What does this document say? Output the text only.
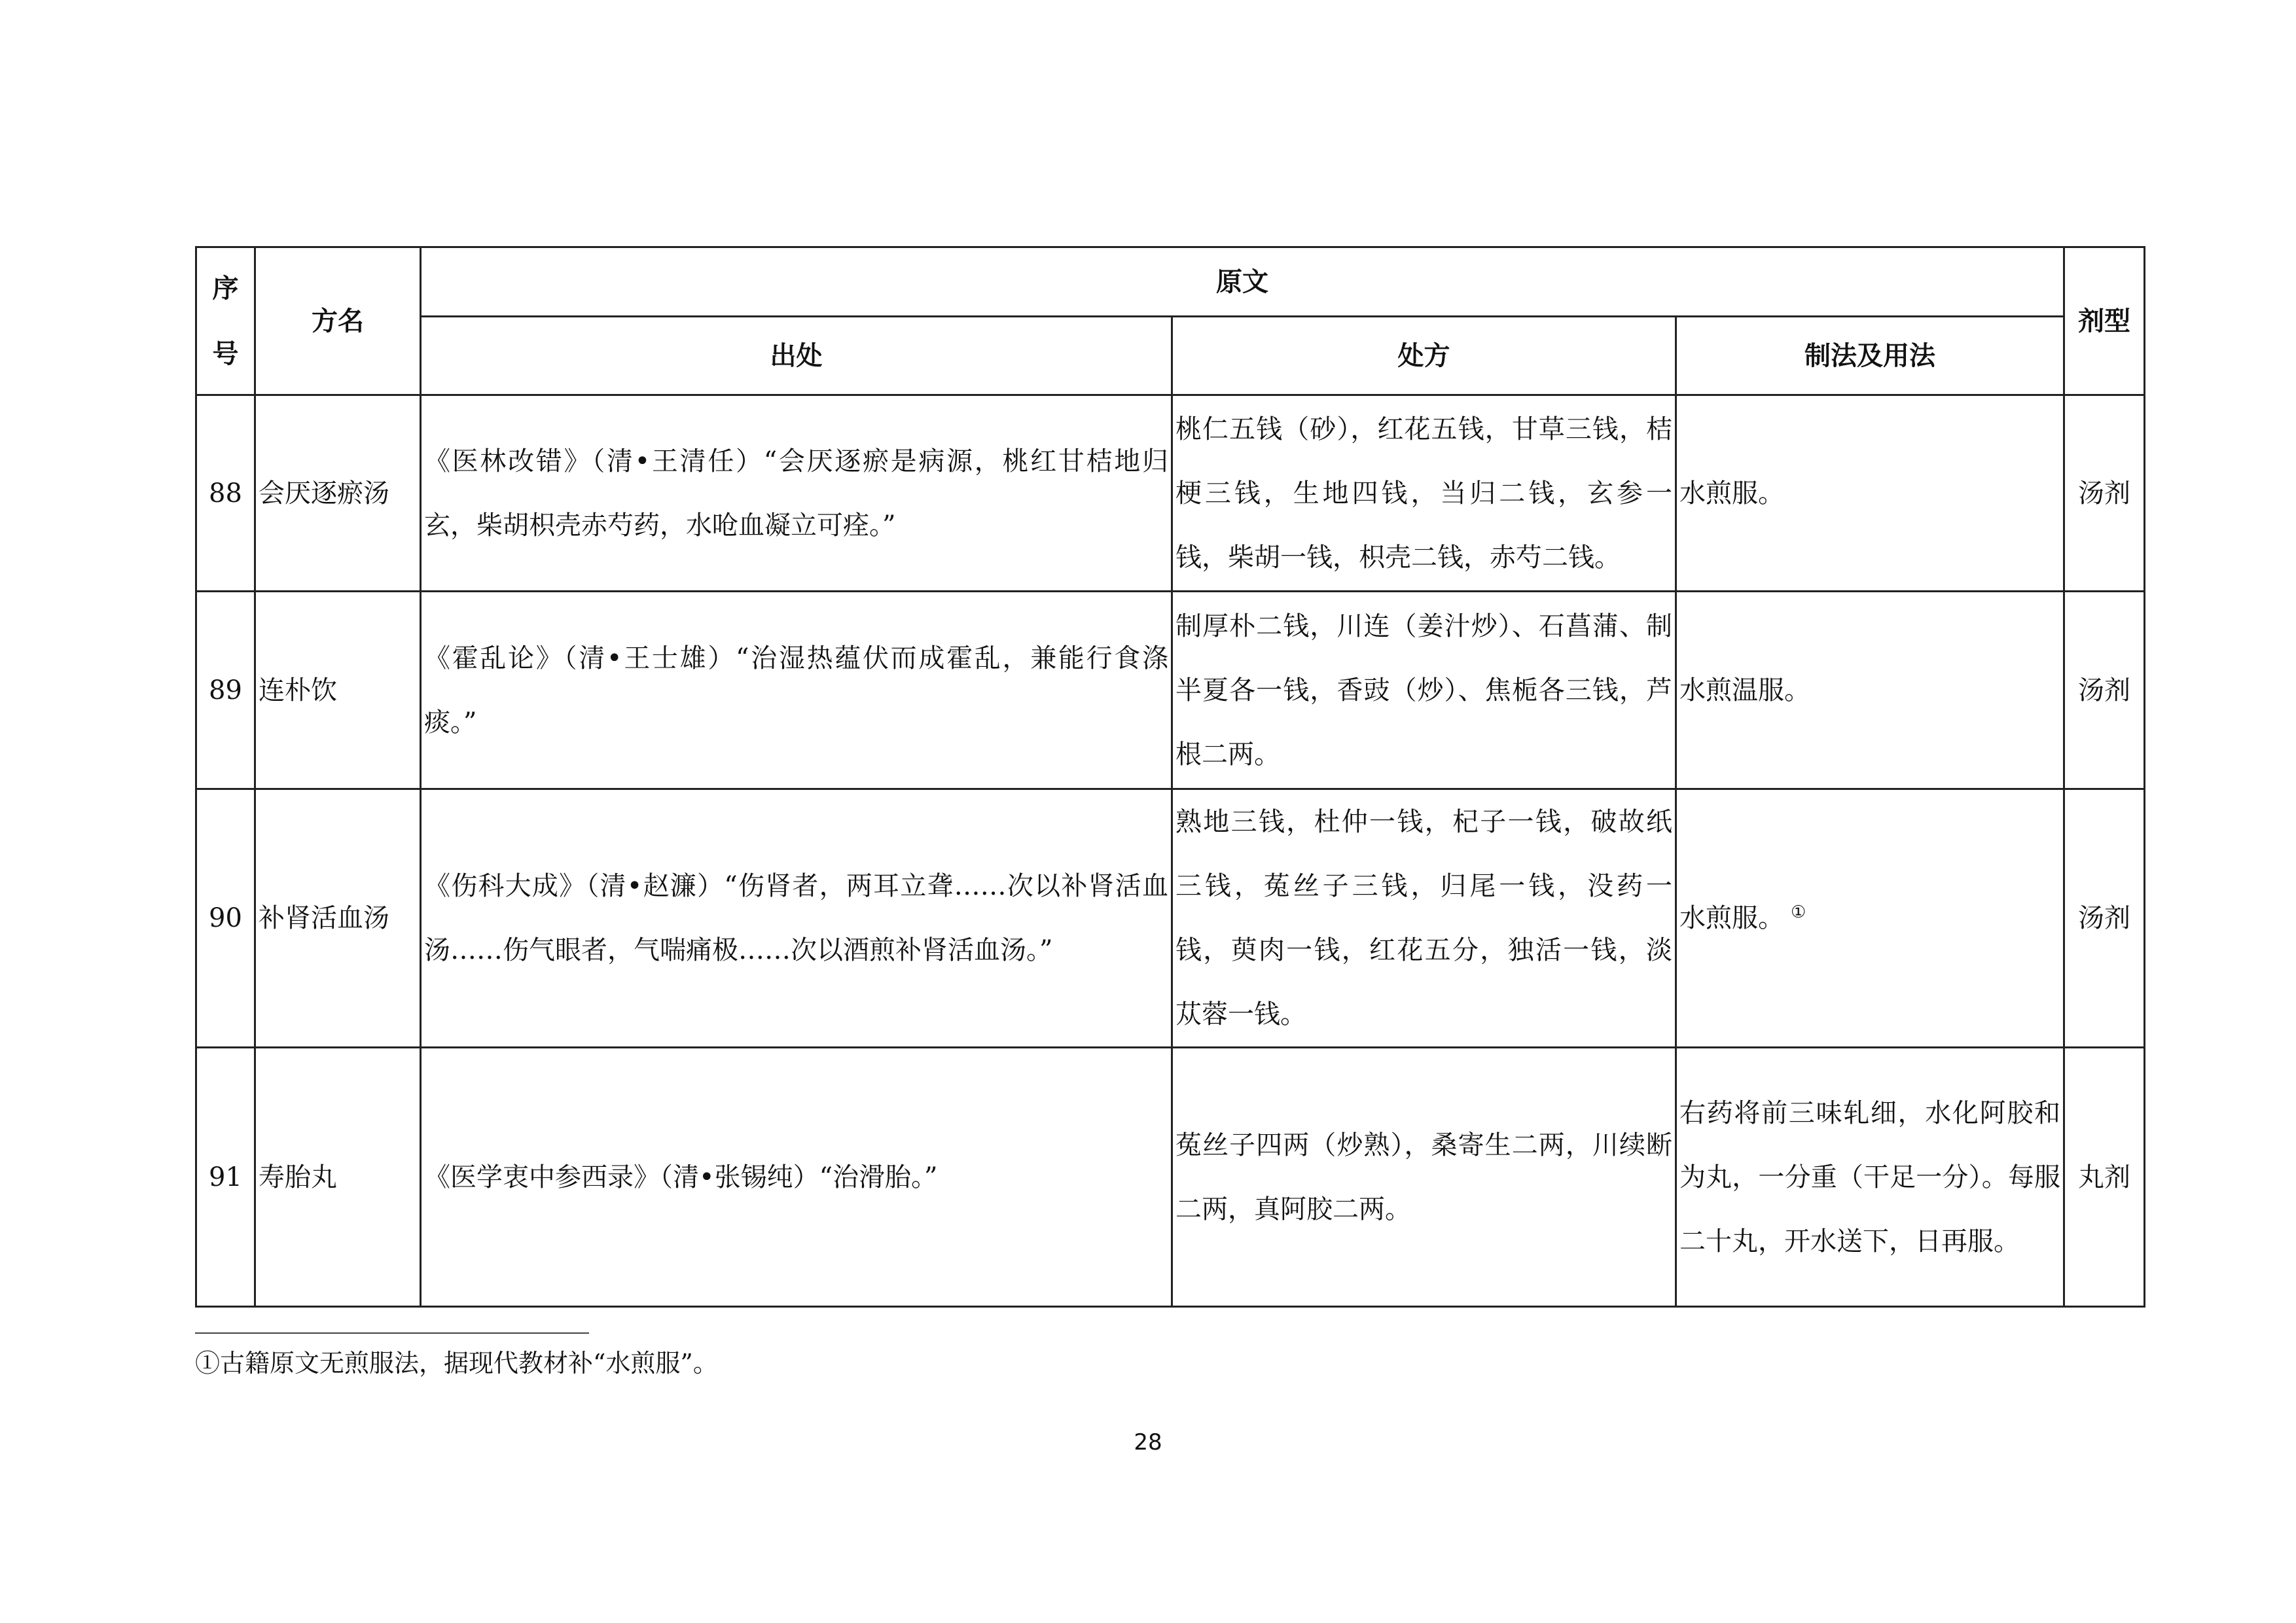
序号	方名	原文			剂型
		出处	处方	制法及用法	
88	会厌逐瘀汤	《医林改错》（清•王清任）“会厌逐瘀是病源，桃红甘桔地归玄，柴胡枳壳赤芍药，水呛血凝立可痊。”	桃仁五钱（砂），红花五钱，甘草三钱，桔梗三钱，生地四钱，当归二钱，玄参一钱，柴胡一钱，枳壳二钱，赤芍二钱。	水煎服。	汤剂
89	连朴饮	《霍乱论》（清•王士雄）“治湿热蕴伏而成霍乱，兼能行食涤痰。”	制厚朴二钱，川连（姜汁炒）、石菖蒲、制半夏各一钱，香豉（炒）、焦栀各三钱，芦根二两。	水煎温服。	汤剂
90	补肾活血汤	《伤科大成》（清•赵濂）“伤肾者，两耳立聋……次以补肾活血汤……伤气眼者，气喘痛极……次以酒煎补肾活血汤。”	熟地三钱，杜仲一钱，杞子一钱，破故纸三钱，菟丝子三钱，归尾一钱，没药一钱，萸肉一钱，红花五分，独活一钱，淡苁蓉一钱。	水煎服。 ①	汤剂
91	寿胎丸	《医学衷中参西录》（清•张锡纯）“治滑胎。”	菟丝子四两（炒熟），桑寄生二两，川续断二两，真阿胶二两。	右药将前三味轧细，水化阿胶和为丸，一分重（干足一分）。每服二十丸，开水送下，日再服。	丸剂
①古籍原文无煎服法，据现代教材补“水煎服”。
28
